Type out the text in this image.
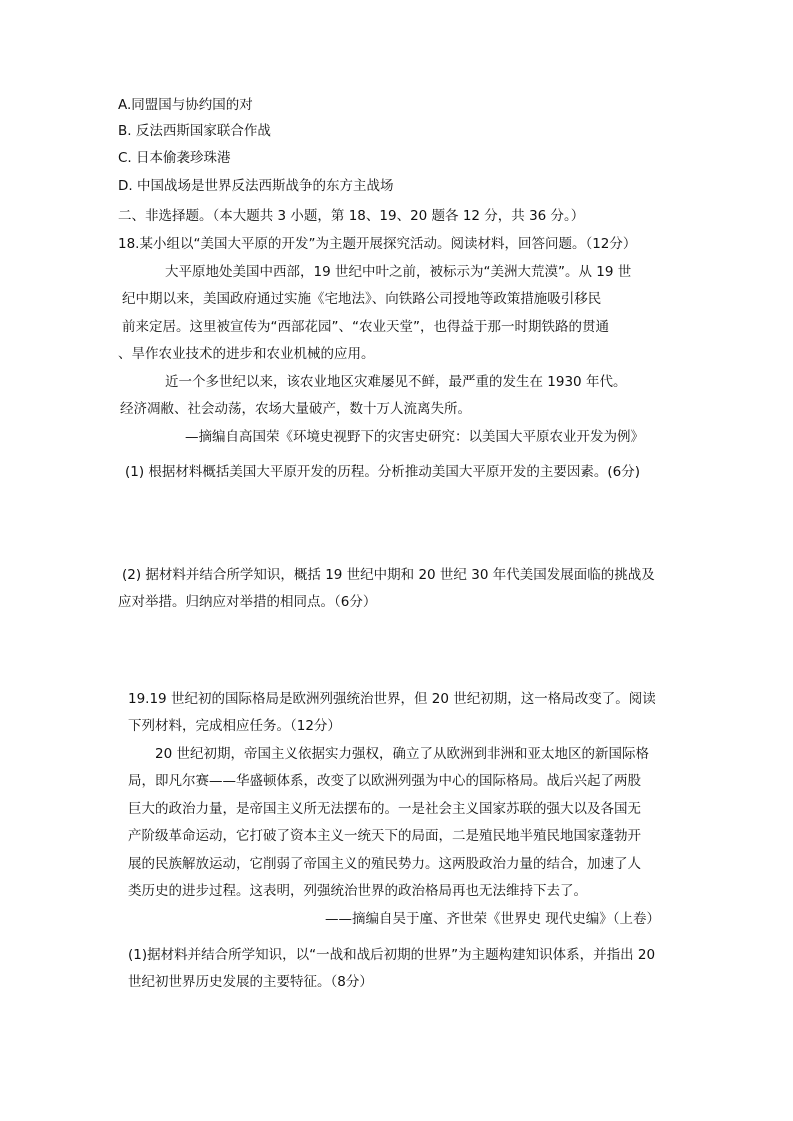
A.同盟国与协约国的对
B. 反法西斯国家联合作战
C. 日本偷袭珍珠港
D. 中国战场是世界反法西斯战争的东方主战场
二、非选择题。（本大题共 3 小题，第 18、19、20 题各 12 分，共 36 分。）
18.某小组以“美国大平原的开发”为主题开展探究活动。阅读材料，回答问题。（12分）
大平原地处美国中西部，19 世纪中叶之前，被标示为“美洲大荒漠”。从 19 世
纪中期以来，美国政府通过实施《宅地法》、向铁路公司授地等政策措施吸引移民
前来定居。这里被宣传为“西部花园”、“农业天堂”，也得益于那一时期铁路的贯通
、旱作农业技术的进步和农业机械的应用。
近一个多世纪以来，该农业地区灾难屡见不鲜，最严重的发生在 1930 年代。
经济凋敝、社会动荡，农场大量破产，数十万人流离失所。
—摘编自高国荣《环境史视野下的灾害史研究：以美国大平原农业开发为例》
(1) 根据材料概括美国大平原开发的历程。分析推动美国大平原开发的主要因素。(6分)
(2) 据材料并结合所学知识，概括 19 世纪中期和 20 世纪 30 年代美国发展面临的挑战及
应对举措。归纳应对举措的相同点。（6分）
19.19 世纪初的国际格局是欧洲列强统治世界，但 20 世纪初期，这一格局改变了。阅读
下列材料，完成相应任务。（12分）
20 世纪初期，帝国主义依据实力强权，确立了从欧洲到非洲和亚太地区的新国际格
局，即凡尔赛——华盛顿体系，改变了以欧洲列强为中心的国际格局。战后兴起了两股
巨大的政治力量，是帝国主义所无法摆布的。一是社会主义国家苏联的强大以及各国无
产阶级革命运动，它打破了资本主义一统天下的局面，二是殖民地半殖民地国家蓬勃开
展的民族解放运动，它削弱了帝国主义的殖民势力。这两股政治力量的结合，加速了人
类历史的进步过程。这表明，列强统治世界的政治格局再也无法维持下去了。
——摘编自吴于廑、齐世荣《世界史 现代史编》（上卷）
(1)据材料并结合所学知识，以“一战和战后初期的世界”为主题构建知识体系，并指出 20
世纪初世界历史发展的主要特征。（8分）
